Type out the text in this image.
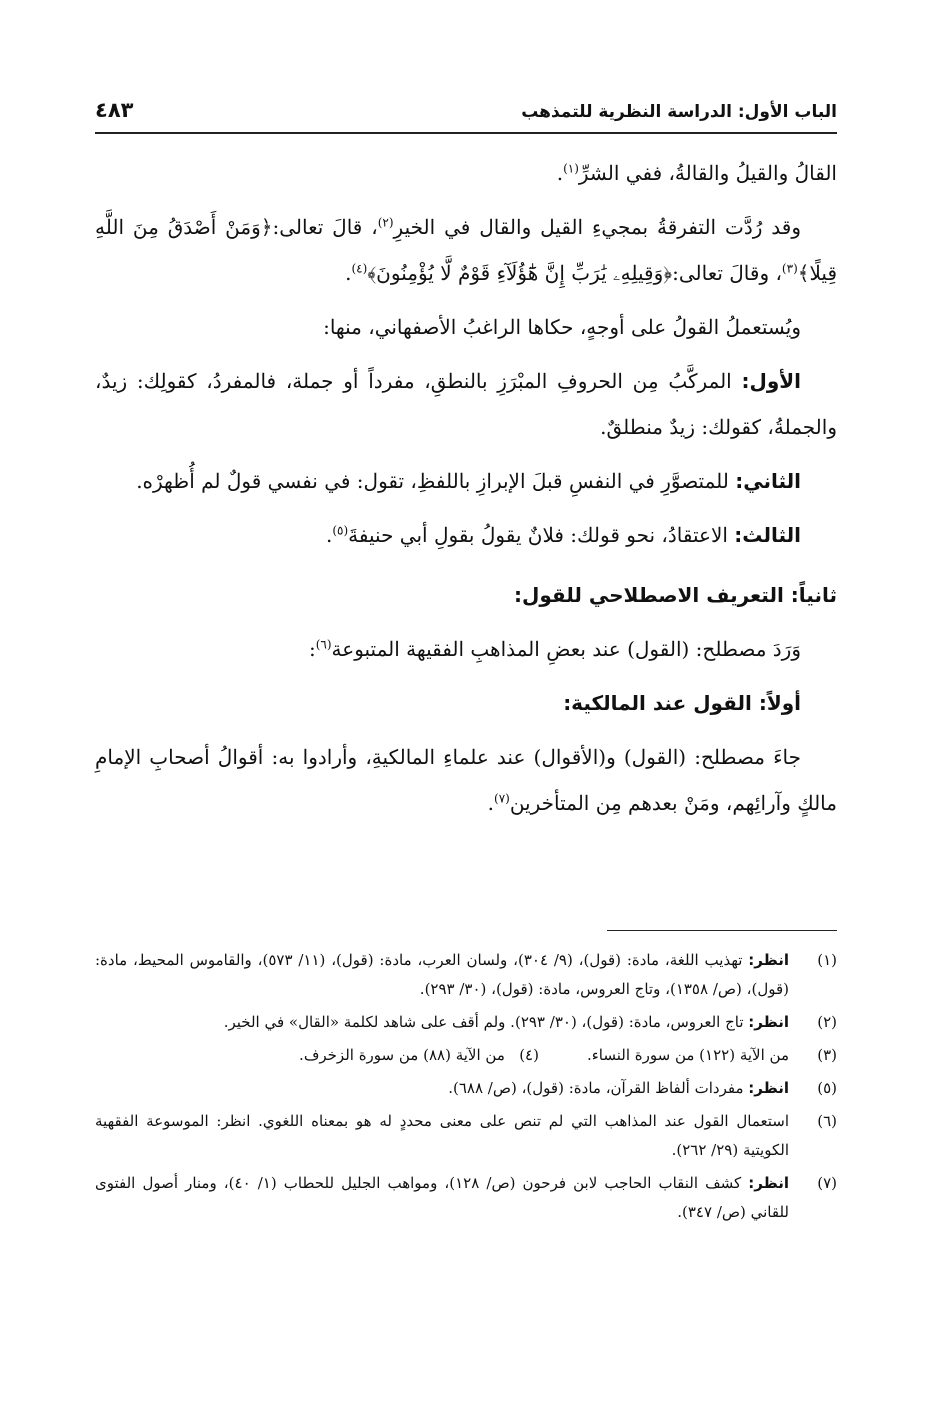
الباب الأول: الدراسة النظرية للتمذهب
٤٨٣

القالُ والقيلُ والقالةُ، ففي الشرِّ$^{(١)}$.

وقد رُدَّت التفرقةُ بمجيءِ القيل والقال في الخيرِ$^{(٢)}$، قالَ تعالى:﴿وَمَنْ أَصْدَقُ مِنَ اللَّهِ قِيلًا﴾$^{(٣)}$، وقالَ تعالى:﴿وَقِيلِهِۦ يَٰرَبِّ إِنَّ هَٰٓؤُلَآءِ قَوْمٌ لَّا يُؤْمِنُونَ﴾$^{(٤)}$.

ويُستعملُ القولُ على أوجهٍ، حكاها الراغبُ الأصفهاني، منها:

الأول: المركَّبُ مِن الحروفِ المبْرَزِ بالنطقِ، مفرداً أو جملة، فالمفردُ، كقولِك: زيدٌ، والجملةُ، كقولك: زيدٌ منطلقٌ.

الثاني: للمتصوَّرِ في النفسِ قبلَ الإبرازِ باللفظِ، تقول: في نفسي قولٌ لم أُظهرْه.

الثالث: الاعتقادُ، نحو قولك: فلانٌ يقولُ بقولِ أبي حنيفةَ$^{(٥)}$.

ثانياً: التعريف الاصطلاحي للقول:

وَرَدَ مصطلح: (القول) عند بعضِ المذاهبِ الفقيهة المتبوعة$^{(٦)}$:

أولاً: القول عند المالكية:

جاءَ مصطلح: (القول) و(الأقوال) عند علماءِ المالكيةِ، وأرادوا به: أقوالُ أصحابِ الإمامِ مالكٍ وآرائِهم، ومَنْ بعدهم مِن المتأخرين$^{(٧)}$.

(١)
انظر: تهذيب اللغة، مادة: (قول)، (٩/ ٣٠٤)، ولسان العرب، مادة: (قول)، (١١/ ٥٧٣)، والقاموس المحيط، مادة: (قول)، (ص/ ١٣٥٨)، وتاج العروس، مادة: (قول)، (٣٠/ ٢٩٣).
(٢)
انظر: تاج العروس، مادة: (قول)، (٣٠/ ٢٩٣). ولم أقف على شاهد لكلمة «القال» في الخير.
(٣)
من الآية (١٢٢) من سورة النساء.(٤)   من الآية (٨٨) من سورة الزخرف.
(٥)
انظر: مفردات ألفاظ القرآن، مادة: (قول)، (ص/ ٦٨٨).
(٦)
استعمال القول عند المذاهب التي لم تنص على معنى محددٍ له هو بمعناه اللغوي. انظر: الموسوعة الفقهية الكويتية (٢٩/ ٢٦٢).
(٧)
انظر: كشف النقاب الحاجب لابن فرحون (ص/ ١٢٨)، ومواهب الجليل للحطاب (١/ ٤٠)، ومنار أصول الفتوى للقاني (ص/ ٣٤٧).
